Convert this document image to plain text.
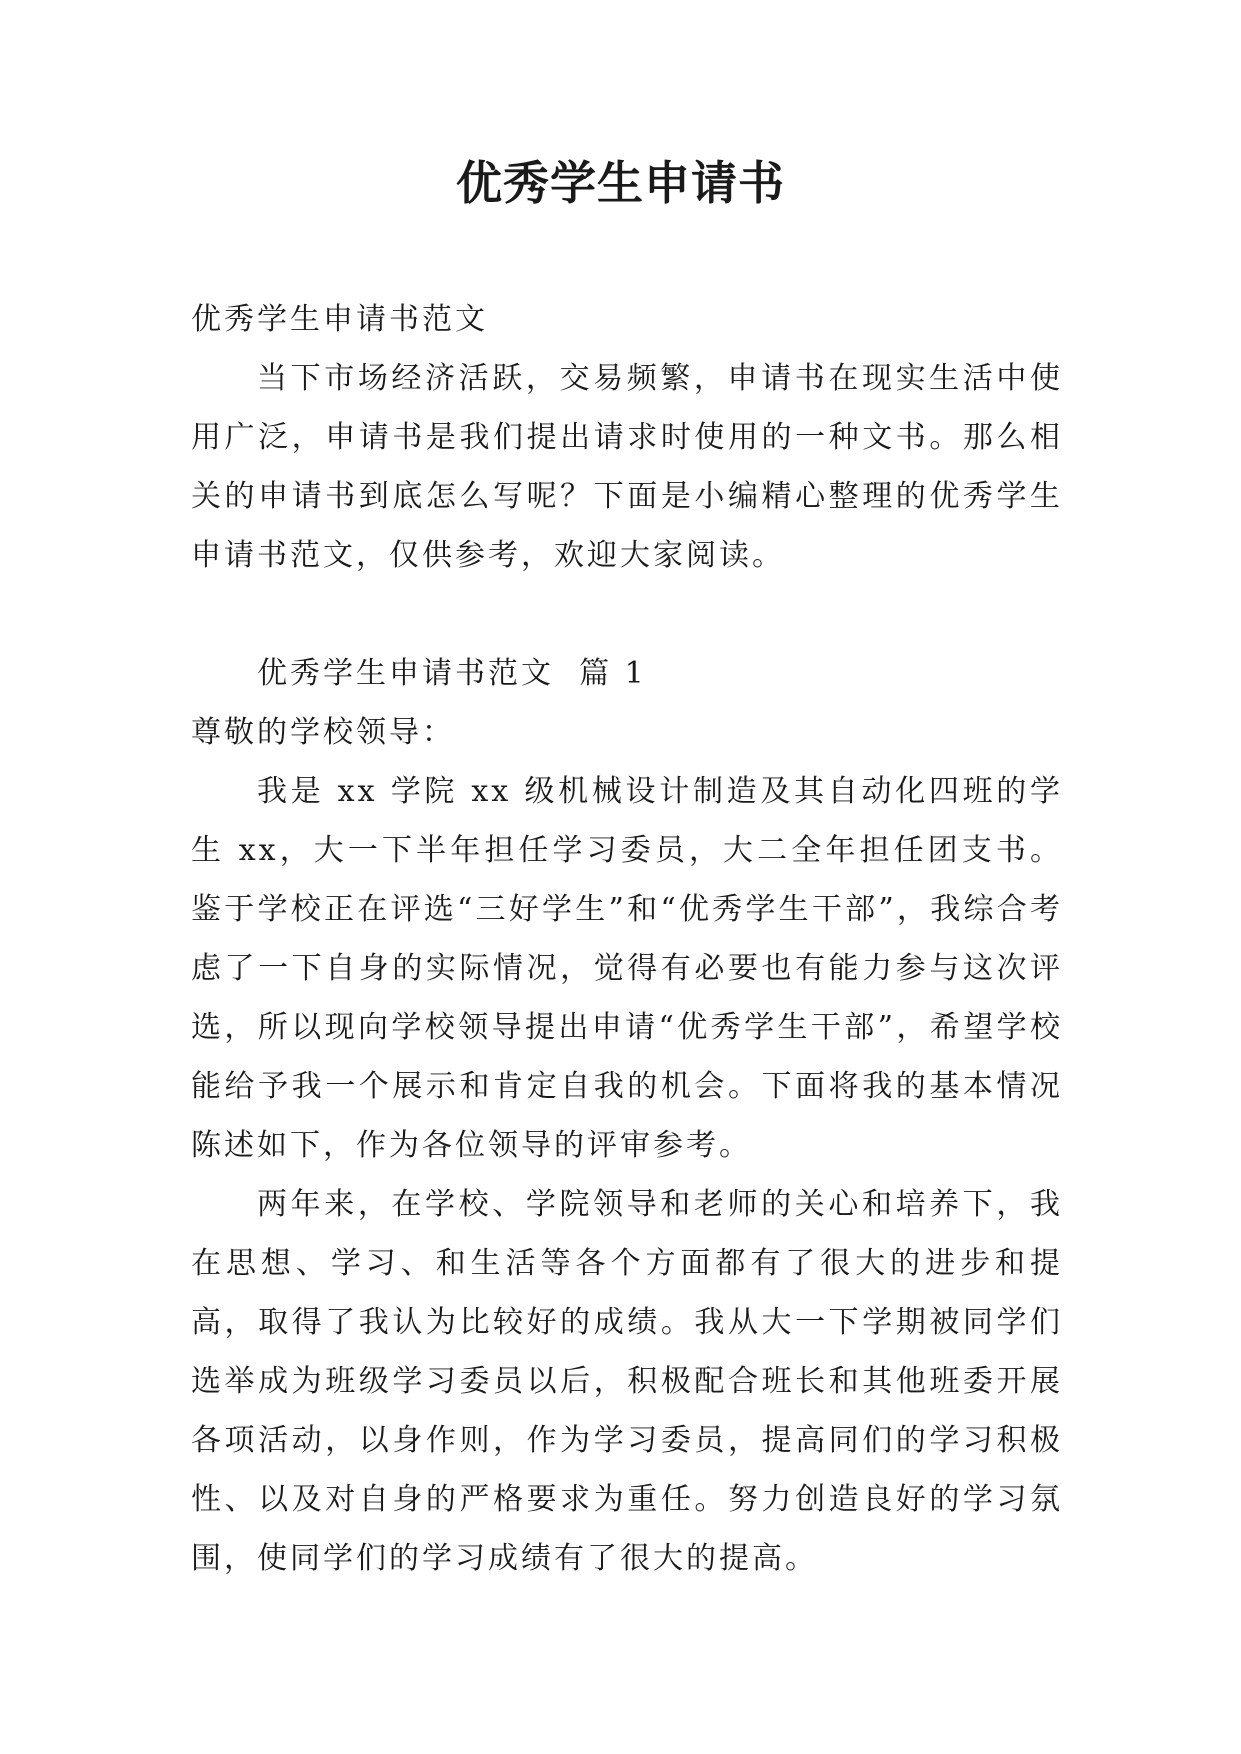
优秀学生申请书

优秀学生申请书范文

当下市场经济活跃，交易频繁，申请书在现实生活中使用广泛，申请书是我们提出请求时使用的一种文书。那么相关的申请书到底怎么写呢？下面是小编精心整理的优秀学生申请书范文，仅供参考，欢迎大家阅读。

优秀学生申请书范文  篇 1

尊敬的学校领导：

我是 xx 学院 xx 级机械设计制造及其自动化四班的学生 xx，大一下半年担任学习委员，大二全年担任团支书。鉴于学校正在评选“三好学生”和“优秀学生干部”，我综合考虑了一下自身的实际情况，觉得有必要也有能力参与这次评选，所以现向学校领导提出申请“优秀学生干部”，希望学校能给予我一个展示和肯定自我的机会。下面将我的基本情况陈述如下，作为各位领导的评审参考。

两年来，在学校、学院领导和老师的关心和培养下，我在思想、学习、和生活等各个方面都有了很大的进步和提高，取得了我认为比较好的成绩。我从大一下学期被同学们选举成为班级学习委员以后，积极配合班长和其他班委开展各项活动，以身作则，作为学习委员，提高同们的学习积极性、以及对自身的严格要求为重任。努力创造良好的学习氛围，使同学们的学习成绩有了很大的提高。
